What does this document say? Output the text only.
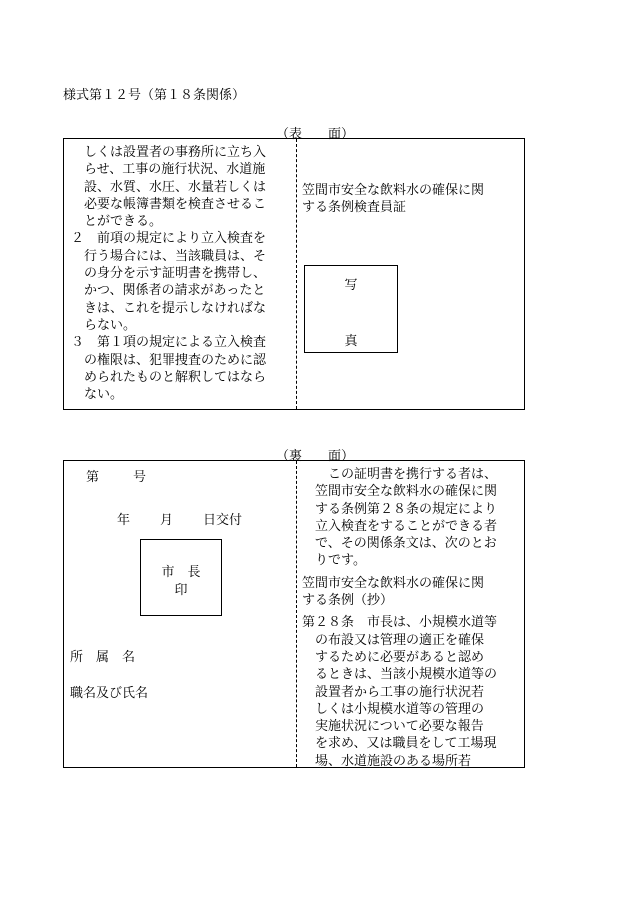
様式第１２号（第１８条関係）
（表 面）
しくは設置者の事務所に立ち入
らせ、工事の施行状況、水道施
設、水質、水圧、水量若しくは
必要な帳簿書類を検査させるこ
とができる。
２　前項の規定により立入検査を
行う場合には、当該職員は、そ
の身分を示す証明書を携帯し、
かつ、関係者の請求があったと
きは、これを提示しなければな
らない。
３　第１項の規定による立入検査
の権限は、犯罪捜査のために認
められたものと解釈してはなら
ない。
笠間市安全な飲料水の確保に関
する条例検査員証
写
真
（裏 面）
第	号
年 月 日交付
市　長
印
所　属　名
職名及び氏名
この証明書を携行する者は、
笠間市安全な飲料水の確保に関
する条例第２８条の規定により
立入検査をすることができる者
で、その関係条文は、次のとお
りです。
笠間市安全な飲料水の確保に関
する条例（抄）
第２８条　市長は、小規模水道等
の布設又は管理の適正を確保
するために必要があると認め
るときは、当該小規模水道等の
設置者から工事の施行状況若
しくは小規模水道等の管理の
実施状況について必要な報告
を求め、又は職員をして工場現
場、水道施設のある場所若
